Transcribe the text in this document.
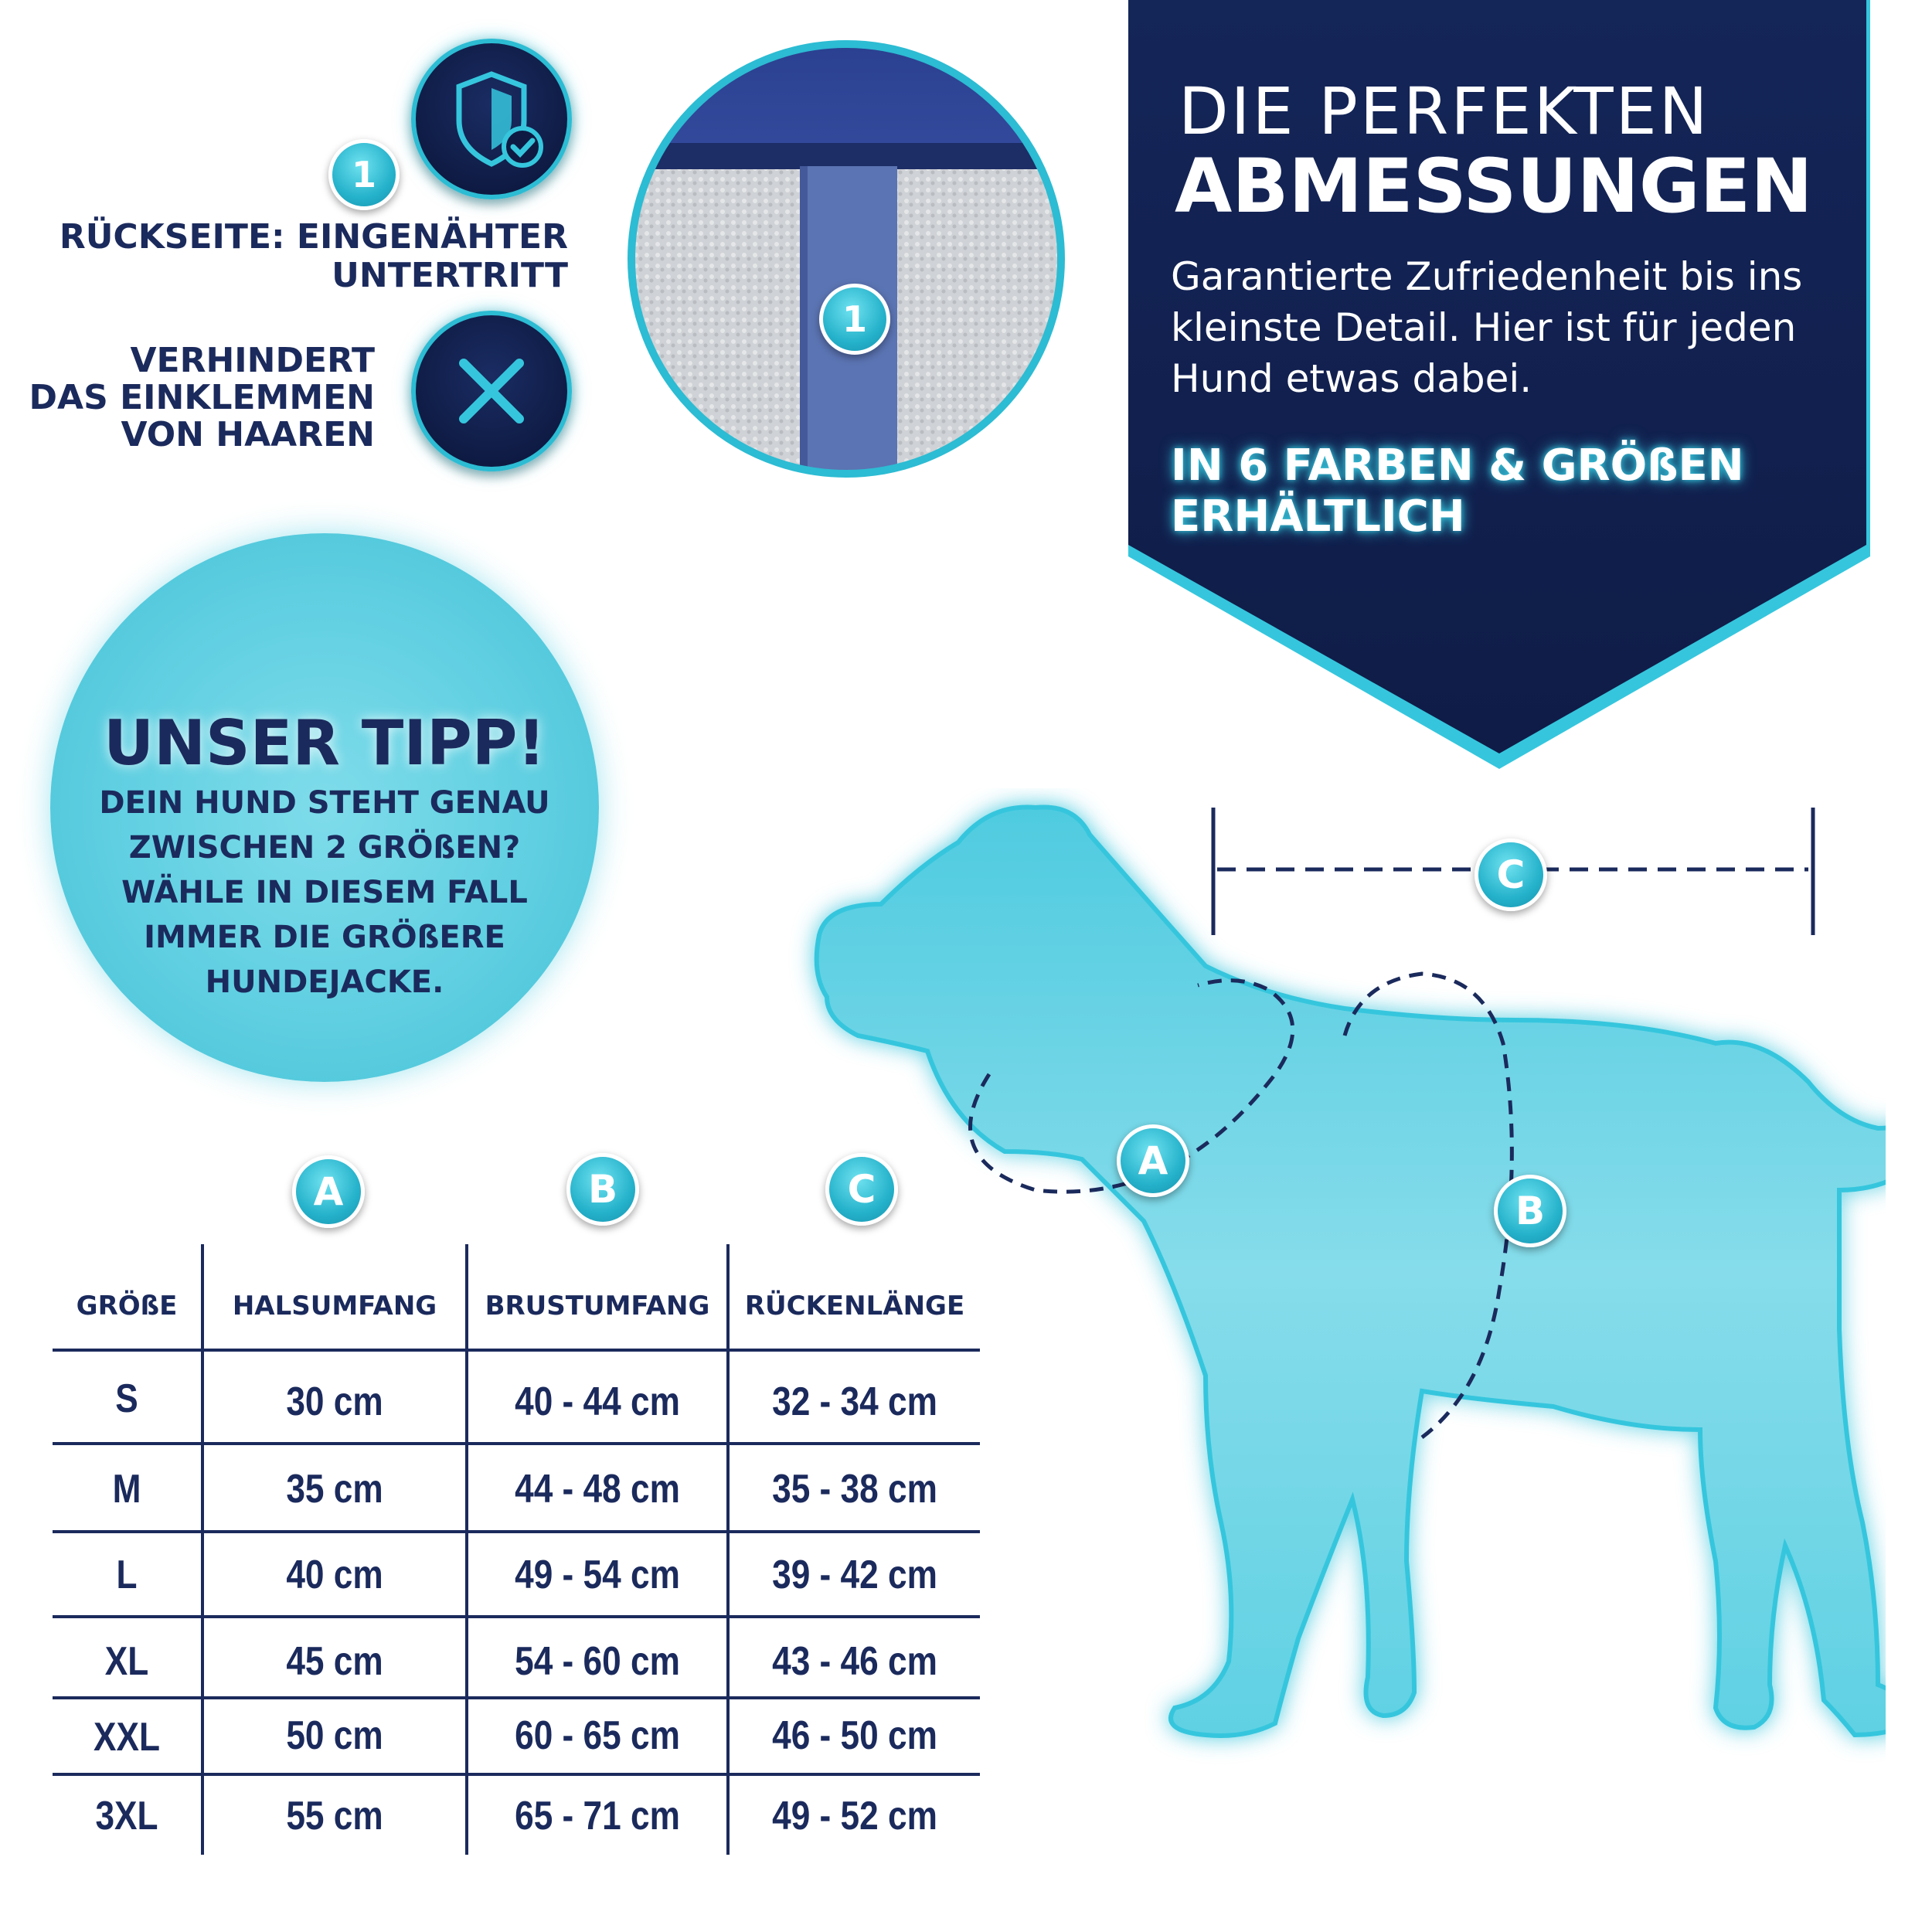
DIE PERFEKTEN
ABMESSUNGEN
Garantierte Zufriedenheit bis ins kleinste Detail. Hier ist für jeden Hund etwas dabei.
IN 6 FARBEN & GRÖßEN ERHÄLTLICH
1
RÜCKSEITE: EINGENÄHTER
UNTERTRITT
VERHINDERT
DAS EINKLEMMEN
VON HAAREN
1
UNSER TIPP!
DEIN HUND STEHT GENAU ZWISCHEN 2 GRÖßEN? WÄHLE IN DIESEM FALL IMMER DIE GRÖßERE HUNDEJACKE.
A
B
C
A	B	C
GRÖßE	HALSUMFANG	BRUSTUMFANG	RÜCKENLÄNGE
S	30 cm	40 - 44 cm	32 - 34 cm
M	35 cm	44 - 48 cm	35 - 38 cm
L	40 cm	49 - 54 cm	39 - 42 cm
XL	45 cm	54 - 60 cm	43 - 46 cm
XXL	50 cm	60 - 65 cm	46 - 50 cm
3XL	55 cm	65 - 71 cm	49 - 52 cm
